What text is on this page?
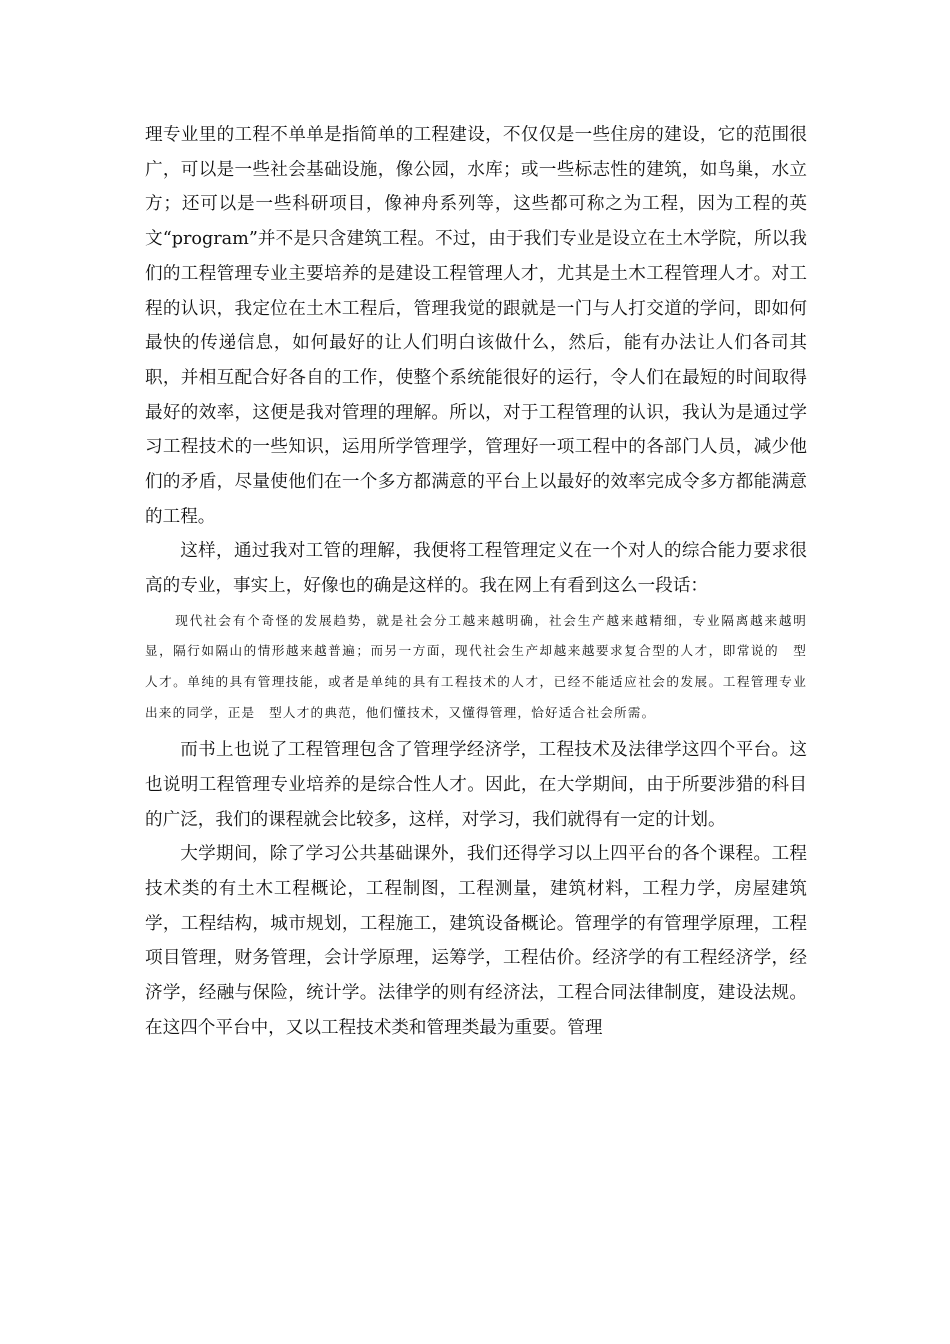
理专业里的工程不单单是指简单的工程建设，不仅仅是一些住房的建设，它的范围很广，可以是一些社会基础设施，像公园，水库；或一些标志性的建筑，如鸟巢，水立方；还可以是一些科研项目，像神舟系列等，这些都可称之为工程，因为工程的英文“program”并不是只含建筑工程。不过，由于我们专业是设立在土木学院，所以我们的工程管理专业主要培养的是建设工程管理人才，尤其是土木工程管理人才。对工程的认识，我定位在土木工程后，管理我觉的跟就是一门与人打交道的学问，即如何最快的传递信息，如何最好的让人们明白该做什么，然后，能有办法让人们各司其职，并相互配合好各自的工作，使整个系统能很好的运行，令人们在最短的时间取得最好的效率，这便是我对管理的理解。所以，对于工程管理的认识，我认为是通过学习工程技术的一些知识，运用所学管理学，管理好一项工程中的各部门人员，减少他们的矛盾，尽量使他们在一个多方都满意的平台上以最好的效率完成令多方都能满意的工程。

这样，通过我对工管的理解，我便将工程管理定义在一个对人的综合能力要求很高的专业，事实上，好像也的确是这样的。我在网上有看到这么一段话：

现代社会有个奇怪的发展趋势，就是社会分工越来越明确，社会生产越来越精细，专业隔离越来越明显，隔行如隔山的情形越来越普遍；而另一方面，现代社会生产却越来越要求复合型的人才，即常说的　型人才。单纯的具有管理技能，或者是单纯的具有工程技术的人才，已经不能适应社会的发展。工程管理专业出来的同学，正是　型人才的典范，他们懂技术，又懂得管理，恰好适合社会所需。

而书上也说了工程管理包含了管理学经济学，工程技术及法律学这四个平台。这也说明工程管理专业培养的是综合性人才。因此，在大学期间，由于所要涉猎的科目的广泛，我们的课程就会比较多，这样，对学习，我们就得有一定的计划。

大学期间，除了学习公共基础课外，我们还得学习以上四平台的各个课程。工程技术类的有土木工程概论，工程制图，工程测量，建筑材料，工程力学，房屋建筑学，工程结构，城市规划，工程施工，建筑设备概论。管理学的有管理学原理，工程项目管理，财务管理，会计学原理，运筹学，工程估价。经济学的有工程经济学，经济学，经融与保险，统计学。法律学的则有经济法，工程合同法律制度，建设法规。在这四个平台中，又以工程技术类和管理类最为重要。管理
